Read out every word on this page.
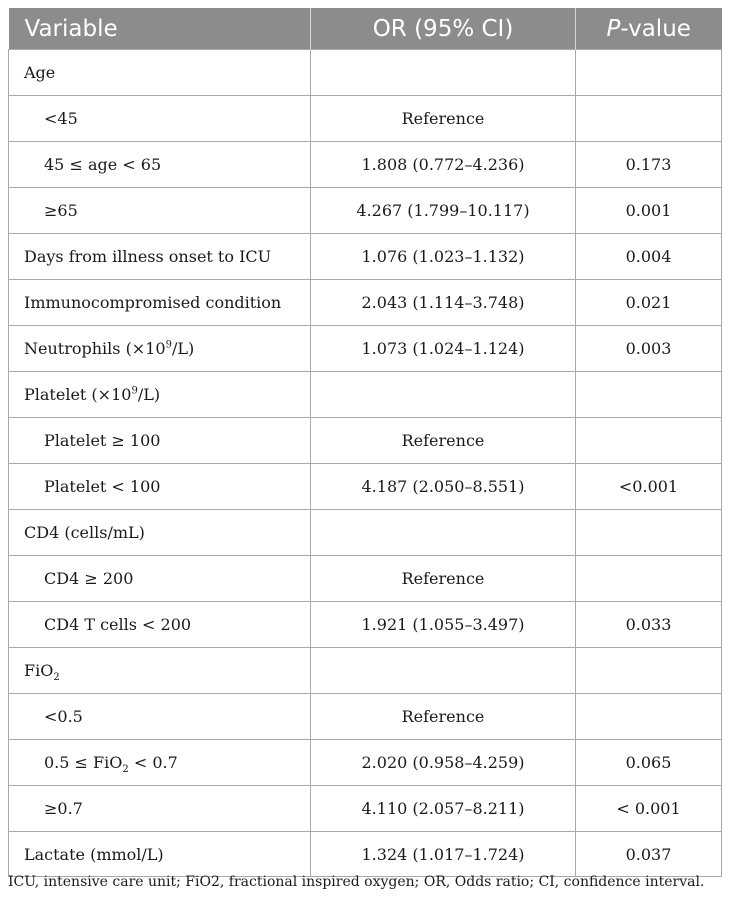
Variable	OR (95% CI)	P-value
Age		
<45	Reference	
45 ≤ age < 65	1.808 (0.772–4.236)	0.173
≥65	4.267 (1.799–10.117)	0.001
Days from illness onset to ICU	1.076 (1.023–1.132)	0.004
Immunocompromised condition	2.043 (1.114–3.748)	0.021
Neutrophils $(\times 10^9/L)$	1.073 (1.024–1.124)	0.003
Platelet $(\times 10^9/L)$		
Platelet ≥ 100	Reference	
Platelet < 100	4.187 (2.050–8.551)	<0.001
CD4 (cells/mL)		
CD4 ≥ 200	Reference	
CD4 T cells < 200	1.921 (1.055–3.497)	0.033
FiO$_2$		
<0.5	Reference	
0.5 ≤ FiO$_2$ < 0.7	2.020 (0.958–4.259)	0.065
≥0.7	4.110 (2.057–8.211)	< 0.001
Lactate (mmol/L)	1.324 (1.017–1.724)	0.037
ICU, intensive care unit; FiO2, fractional inspired oxygen; OR, Odds ratio; CI, confidence interval.
